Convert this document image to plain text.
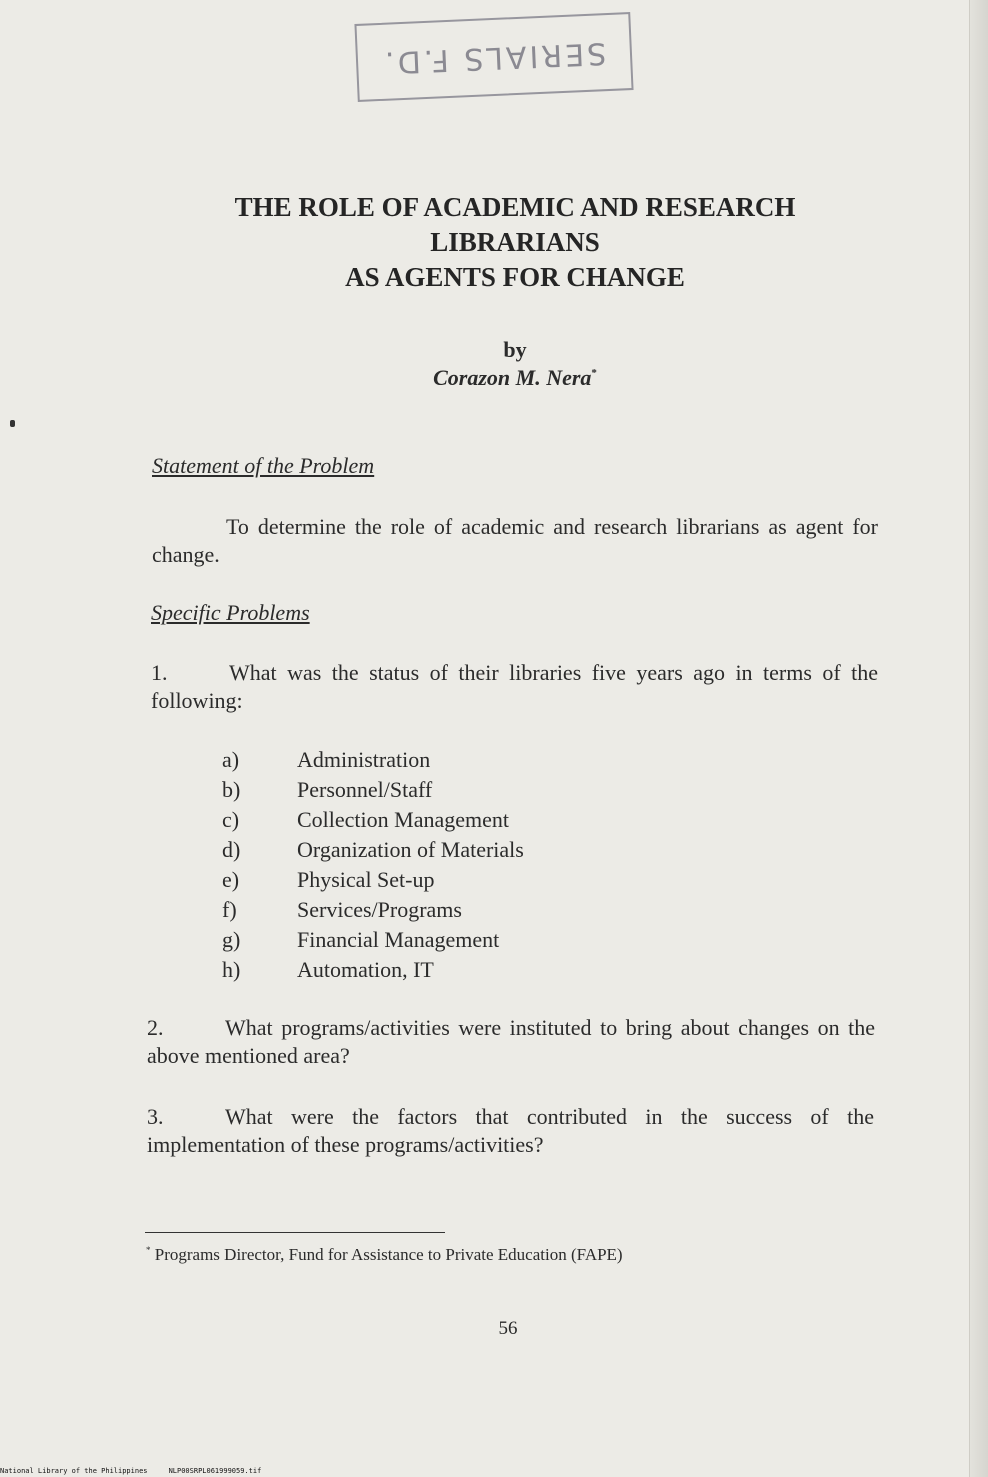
SERIALS F.D.
THE ROLE OF ACADEMIC AND RESEARCH
LIBRARIANS
AS AGENTS FOR CHANGE
by
Corazon M. Nera*
Statement of the Problem
To determine the role of academic and research librarians as agent for change.
Specific Problems
1.	What was the status of their libraries five years ago in terms of the following:
a)	Administration
b)	Personnel/Staff
c)	Collection Management
d)	Organization of Materials
e)	Physical Set-up
f)	Services/Programs
g)	Financial Management
h)	Automation, IT
2.	What programs/activities were instituted to bring about changes on the above mentioned area?
3.	What were the factors that contributed in the success of the implementation of these programs/activities?
* Programs Director, Fund for Assistance to Private Education (FAPE)
56
National Library of the Philippines     NLP00SRPL061999059.tif
